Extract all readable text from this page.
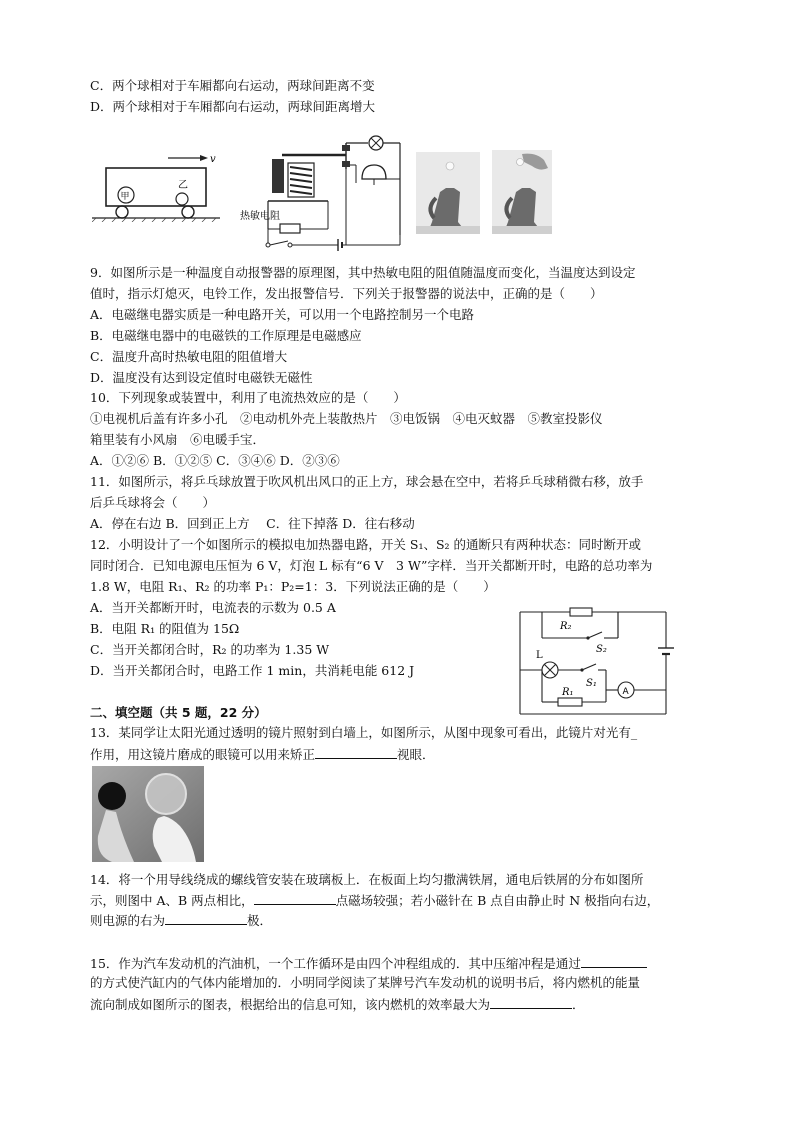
C．两个球相对于车厢都向右运动，两球间距离不变
D．两个球相对于车厢都向右运动，两球间距离增大
v
甲
乙
热敏电阻
9．如图所示是一种温度自动报警器的原理图，其中热敏电阻的阻值随温度而变化，当温度达到设定
值时，指示灯熄灭，电铃工作，发出报警信号．下列关于报警器的说法中，正确的是（　　）
A．电磁继电器实质是一种电路开关，可以用一个电路控制另一个电路
B．电磁继电器中的电磁铁的工作原理是电磁感应
C．温度升高时热敏电阻的阻值增大
D．温度没有达到设定值时电磁铁无磁性
10．下列现象或装置中，利用了电流热效应的是（　　）
①电视机后盖有许多小孔　②电动机外壳上装散热片　③电饭锅　④电灭蚊器　⑤教室投影仪
箱里装有小风扇　⑥电暖手宝．
A．①②⑥ B．①②⑤ C．③④⑥ D．②③⑥
11．如图所示，将乒乓球放置于吹风机出风口的正上方，球会悬在空中，若将乒乓球稍微右移，放手
后乒乓球将会（　　）
A．停在右边 B．回到正上方　 C．往下掉落 D．往右移动
12．小明设计了一个如图所示的模拟电加热器电路，开关 S₁、S₂ 的通断只有两种状态：同时断开或
同时闭合．已知电源电压恒为 6 V，灯泡 L 标有“6 V　3 W”字样．当开关都断开时，电路的总功率为
1.8 W，电阻 R₁、R₂ 的功率 P₁：P₂=1：3．下列说法正确的是（　　）
A．当开关都断开时，电流表的示数为 0.5 A
B．电阻 R₁ 的阻值为 15Ω
C．当开关都闭合时，R₂ 的功率为 1.35 W
D．当开关都闭合时，电路工作 1 min，共消耗电能 612 J
R₂
S₂
L
S₁
A
R₁
二、填空题（共 5 题，22 分）
13．某同学让太阳光通过透明的镜片照射到白墙上，如图所示，从图中现象可看出，此镜片对光有_
作用，用这镜片磨成的眼镜可以用来矫正	视眼．
14．将一个用导线绕成的螺线管安装在玻璃板上．在板面上均匀撒满铁屑，通电后铁屑的分布如图所
示，则图中 A、B 两点相比，	点磁场较强；若小磁针在 B 点自由静止时 N 极指向右边，
则电源的右为	极．
15．作为汽车发动机的汽油机，一个工作循环是由四个冲程组成的．其中压缩冲程是通过
的方式使汽缸内的气体内能增加的．小明同学阅读了某牌号汽车发动机的说明书后，将内燃机的能量
流向制成如图所示的图表，根据给出的信息可知，该内燃机的效率最大为	．
